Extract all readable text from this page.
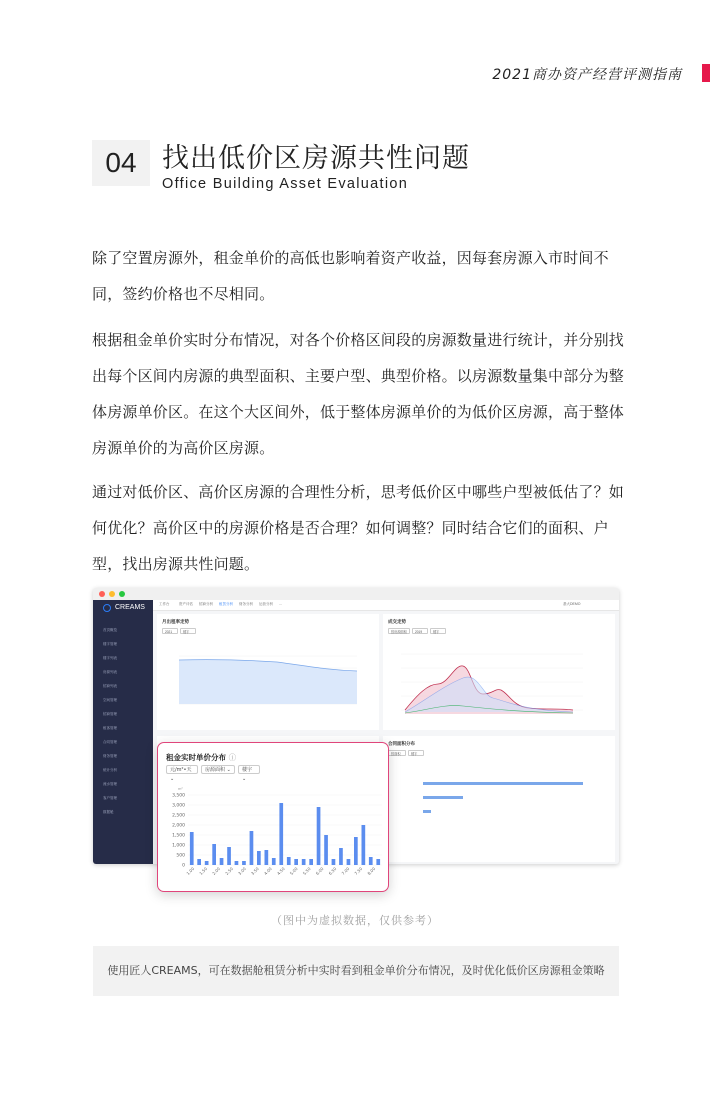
2021商办资产经营评测指南
04 找出低价区房源共性问题
Office Building Asset Evaluation

除了空置房源外，租金单价的高低也影响着资产收益，因每套房源入市时间不同，签约价格也不尽相同。

根据租金单价实时分布情况，对各个价格区间段的房源数量进行统计，并分别找出每个区间内房源的典型面积、主要户型、典型价格。以房源数量集中部分为整体房源单价区。在这个大区间外，低于整体房源单价的为低价区房源，高于整体房源单价的为高价区房源。

通过对低价区、高价区房源的合理性分析，思考低价区中哪些户型被低估了？如何优化？高价区中的房源价格是否合理？如何调整？同时结合它们的面积、户型，找出房源共性问题。

CREAMS
首页概览
楼宇管理
楼宇列表
房源列表
招商列表
空间管理
招商管理
租客管理
合同管理
财务管理
统计分析
流水管理
客户管理
数据舱
工作台	资产评估 招商分析 租赁分析 财务分析 运营分析 ...	基大DEMO
月出租率走势
2021	楼宇
成交走势
按房源面积	2019	楼宇
合同面积分布
按面积	楼宇
租金实时单价分布 ⓘ
元/m²•天 ⌄
房源面积 ⌄	楼宇 ⌄
m²
3,500
3,000
2,500
2,000
1,500
1,000
500
0
1.00 1.50 2.00 2.50 3.00 3.50 4.00 4.50 5.00 5.50 6.00 6.50 7.00 7.50 8.00
（图中为虚拟数据，仅供参考）
使用匠人CREAMS，可在数据舱租赁分析中实时看到租金单价分布情况，及时优化低价区房源租金策略
